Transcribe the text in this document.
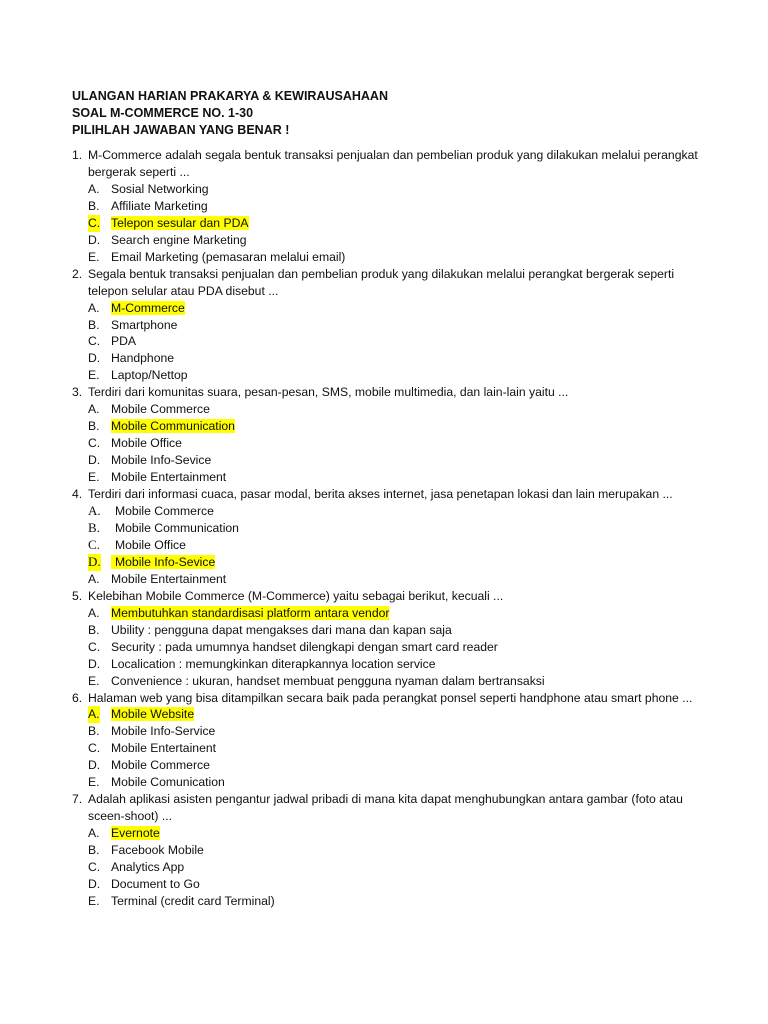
ULANGAN HARIAN PRAKARYA & KEWIRAUSAHAAN
SOAL M-COMMERCE NO. 1-30
PILIHLAH JAWABAN YANG BENAR !
1. M-Commerce adalah segala bentuk transaksi penjualan dan pembelian produk yang dilakukan melalui perangkat bergerak seperti ...
A. Sosial Networking
B. Affiliate Marketing
C. Telepon sesular dan PDA
D. Search engine Marketing
E. Email Marketing (pemasaran melalui email)
2. Segala bentuk transaksi penjualan dan pembelian produk yang dilakukan melalui perangkat bergerak seperti telepon selular atau PDA disebut ...
A. M-Commerce
B. Smartphone
C. PDA
D. Handphone
E. Laptop/Nettop
3. Terdiri dari komunitas suara, pesan-pesan, SMS, mobile multimedia, dan lain-lain yaitu ...
A. Mobile Commerce
B. Mobile Communication
C. Mobile Office
D. Mobile Info-Sevice
E. Mobile Entertainment
4. Terdiri dari informasi cuaca, pasar modal, berita akses internet, jasa penetapan lokasi dan lain merupakan ...
A. Mobile Commerce
B. Mobile Communication
C. Mobile Office
D. Mobile Info-Sevice
A. Mobile Entertainment
5. Kelebihan Mobile Commerce (M-Commerce) yaitu sebagai berikut, kecuali ...
A. Membutuhkan standardisasi platform antara vendor
B. Ubility : pengguna dapat mengakses dari mana dan kapan saja
C. Security : pada umumnya handset dilengkapi dengan smart card reader
D. Localication : memungkinkan diterapkannya location service
E. Convenience : ukuran, handset membuat pengguna nyaman dalam bertransaksi
6. Halaman web yang bisa ditampilkan secara baik pada perangkat ponsel seperti handphone atau smart phone ...
A. Mobile Website
B. Mobile Info-Service
C. Mobile Entertainent
D. Mobile Commerce
E. Mobile Comunication
7. Adalah aplikasi asisten pengantur jadwal pribadi di mana kita dapat menghubungkan antara gambar (foto atau sceen-shoot) ...
A. Evernote
B. Facebook Mobile
C. Analytics App
D. Document to Go
E. Terminal (credit card Terminal)
